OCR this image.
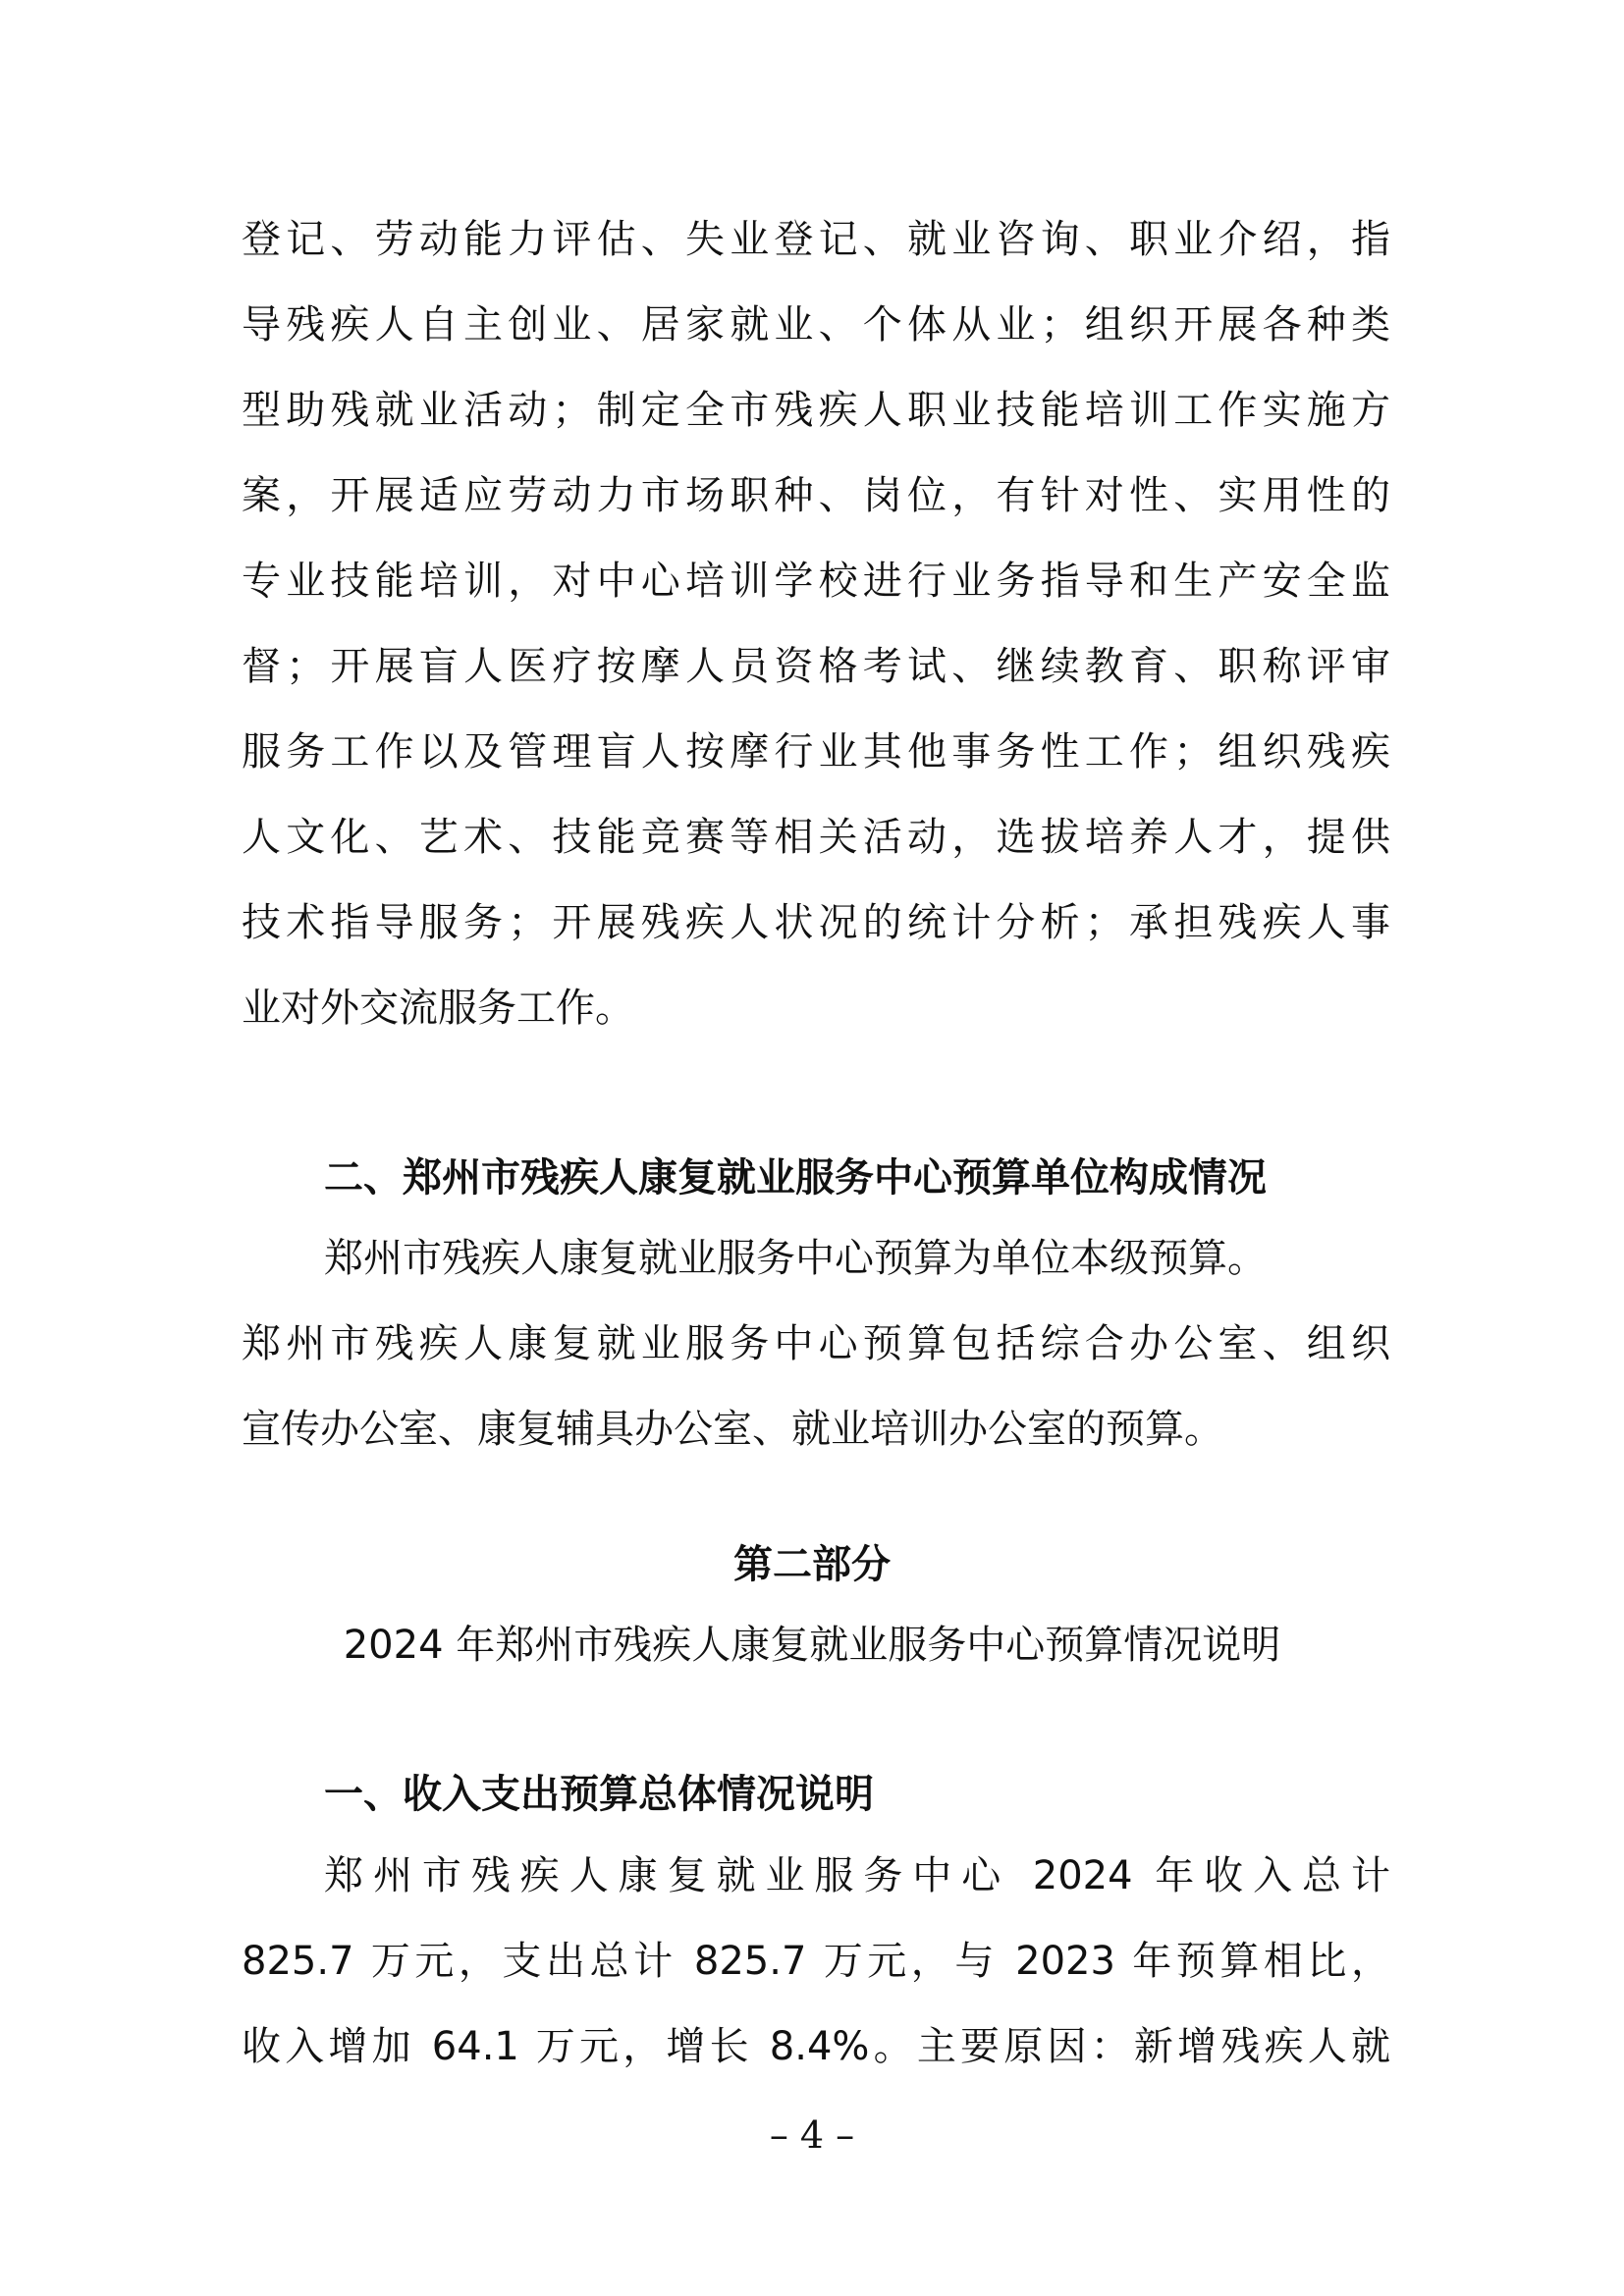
登记、劳动能力评估、失业登记、就业咨询、职业介绍，指
导残疾人自主创业、居家就业、个体从业；组织开展各种类
型助残就业活动；制定全市残疾人职业技能培训工作实施方
案，开展适应劳动力市场职种、岗位，有针对性、实用性的
专业技能培训，对中心培训学校进行业务指导和生产安全监
督；开展盲人医疗按摩人员资格考试、继续教育、职称评审
服务工作以及管理盲人按摩行业其他事务性工作；组织残疾
人文化、艺术、技能竞赛等相关活动，选拔培养人才，提供
技术指导服务；开展残疾人状况的统计分析；承担残疾人事
业对外交流服务工作。
二、郑州市残疾人康复就业服务中心预算单位构成情况
郑州市残疾人康复就业服务中心预算为单位本级预算。
郑州市残疾人康复就业服务中心预算包括综合办公室、组织
宣传办公室、康复辅具办公室、就业培训办公室的预算。
第二部分
2024 年郑州市残疾人康复就业服务中心预算情况说明
一、收入支出预算总体情况说明
郑州市残疾人康复就业服务中心 2024 年收入总计
825.7 万元，支出总计 825.7 万元，与 2023 年预算相比，
收入增加 64.1 万元，增长 8.4%。主要原因：新增残疾人就
– 4 –
